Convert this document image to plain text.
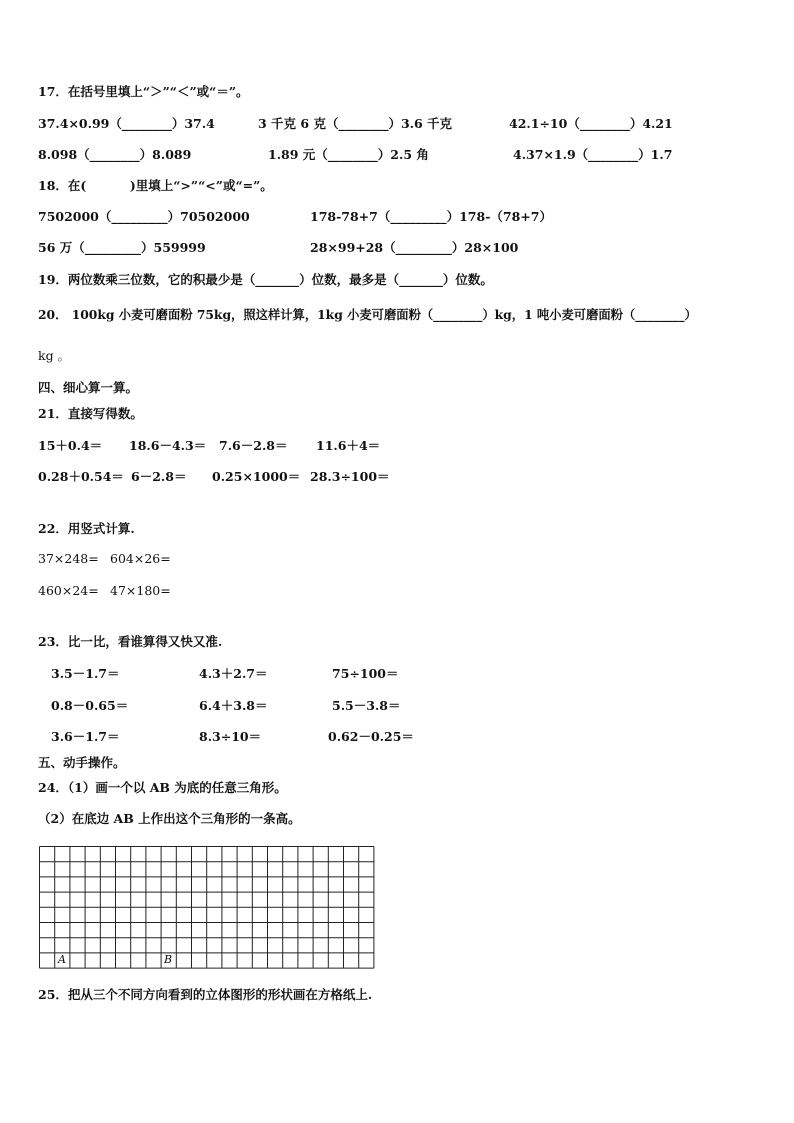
17．在括号里填上“＞”“＜”或“＝”。
37.4×0.99（________）37.4	3 千克 6 克（________）3.6 千克	42.1÷10（________）4.21
8.098（________）8.089	1.89 元（________）2.5 角	4.37×1.9（________）1.7
18．在(          )里填上“>”“<”或“=”。
7502000（_________）70502000	178-78+7（_________）178-（78+7）
56 万（_________）559999	28×99+28（_________）28×100
19．两位数乘三位数，它的积最少是（_______）位数，最多是（_______）位数。
20． 100kg 小麦可磨面粉 75kg，照这样计算，1kg 小麦可磨面粉（________）kg，1 吨小麦可磨面粉（________）
kg 。
四、细心算一算。
21．直接写得数。
15＋0.4＝ 18.6－4.3＝ 7.6－2.8＝ 11.6＋4＝
0.28＋0.54＝ 6－2.8＝ 0.25×1000＝ 28.3÷100＝
22．用竖式计算.
37×248= 604×26=
460×24= 47×180=
23．比一比，看谁算得又快又准.
3.5－1.7＝	4.3＋2.7＝	75÷100＝
0.8－0.65＝	6.4＋3.8＝	5.5－3.8＝
3.6－1.7＝	8.3÷10＝	0.62－0.25＝
五、动手操作。
24．（1）画一个以 AB 为底的任意三角形。
（2）在底边 AB 上作出这个三角形的一条高。
A	B
25．把从三个不同方向看到的立体图形的形状画在方格纸上.
